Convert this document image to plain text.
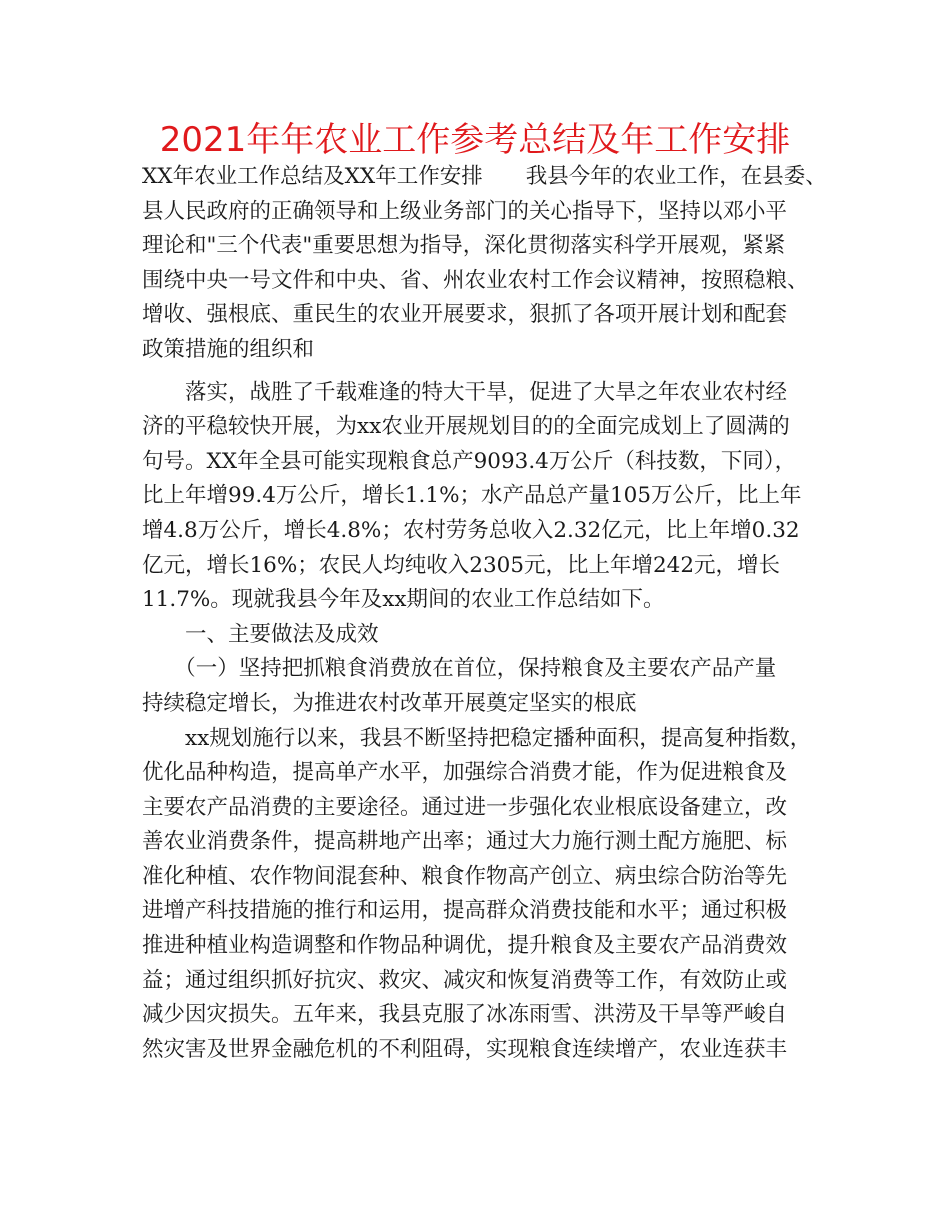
2021年年农业工作参考总结及年工作安排
XX年农业工作总结及XX年工作安排　　我县今年的农业工作，在县委、
县人民政府的正确领导和上级业务部门的关心指导下，坚持以邓小平
理论和"三个代表"重要思想为指导，深化贯彻落实科学开展观，紧紧
围绕中央一号文件和中央、省、州农业农村工作会议精神，按照稳粮、
增收、强根底、重民生的农业开展要求，狠抓了各项开展计划和配套
政策措施的组织和
　　落实，战胜了千载难逢的特大干旱，促进了大旱之年农业农村经
济的平稳较快开展，为xx农业开展规划目的的全面完成划上了圆满的
句号。XX年全县可能实现粮食总产9093.4万公斤（科技数，下同），
比上年增99.4万公斤，增长1.1%；水产品总产量105万公斤，比上年
增4.8万公斤，增长4.8%；农村劳务总收入2.32亿元，比上年增0.32
亿元，增长16%；农民人均纯收入2305元，比上年增242元，增长
11.7%。现就我县今年及xx期间的农业工作总结如下。
　　一、主要做法及成效
　　（一）坚持把抓粮食消费放在首位，保持粮食及主要农产品产量
持续稳定增长，为推进农村改革开展奠定坚实的根底
　　xx规划施行以来，我县不断坚持把稳定播种面积，提高复种指数，
优化品种构造，提高单产水平，加强综合消费才能，作为促进粮食及
主要农产品消费的主要途径。通过进一步强化农业根底设备建立，改
善农业消费条件，提高耕地产出率；通过大力施行测土配方施肥、标
准化种植、农作物间混套种、粮食作物高产创立、病虫综合防治等先
进增产科技措施的推行和运用，提高群众消费技能和水平；通过积极
推进种植业构造调整和作物品种调优，提升粮食及主要农产品消费效
益；通过组织抓好抗灾、救灾、减灾和恢复消费等工作，有效防止或
减少因灾损失。五年来，我县克服了冰冻雨雪、洪涝及干旱等严峻自
然灾害及世界金融危机的不利阻碍，实现粮食连续增产，农业连获丰
